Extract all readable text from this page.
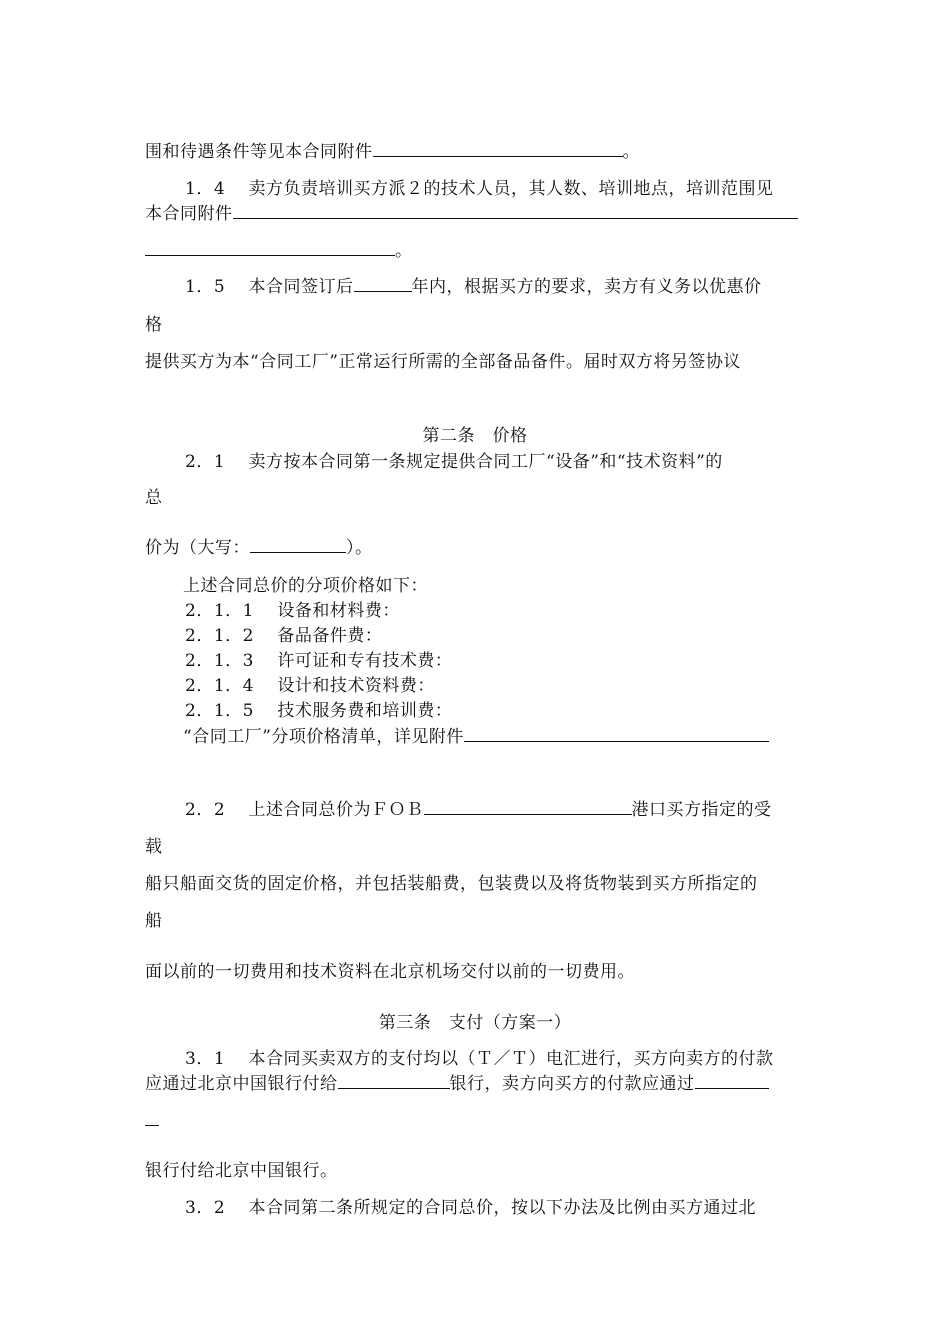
围和待遇条件等见本合同附件	。
1．4　 卖方负责培训买方派２的技术人员，其人数、培训地点，培训范围见
本合同附件
。
1．5　 本合同签订后	年内，根据买方的要求，卖方有义务以优惠价
格
提供买方为本“合同工厂”正常运行所需的全部备品备件。届时双方将另签协议
第二条　价格
2．1　 卖方按本合同第一条规定提供合同工厂“设备”和“技术资料”的
总
价为（大写：	）。
上述合同总价的分项价格如下：
2．1．1　 设备和材料费：
2．1．2　 备品备件费：
2．1．3　 许可证和专有技术费：
2．1．4　 设计和技术资料费：
2．1．5　 技术服务费和培训费：
“合同工厂”分项价格清单，详见附件
2．2　 上述合同总价为ＦＯＢ	港口买方指定的受
载
船只船面交货的固定价格，并包括装船费，包装费以及将货物装到买方所指定的
船
面以前的一切费用和技术资料在北京机场交付以前的一切费用。
第三条　支付（方案一）
3．1　 本合同买卖双方的支付均以（Ｔ／Ｔ）电汇进行，买方向卖方的付款
应通过北京中国银行付给	银行，卖方向买方的付款应通过
银行付给北京中国银行。
3．2　 本合同第二条所规定的合同总价，按以下办法及比例由买方通过北
